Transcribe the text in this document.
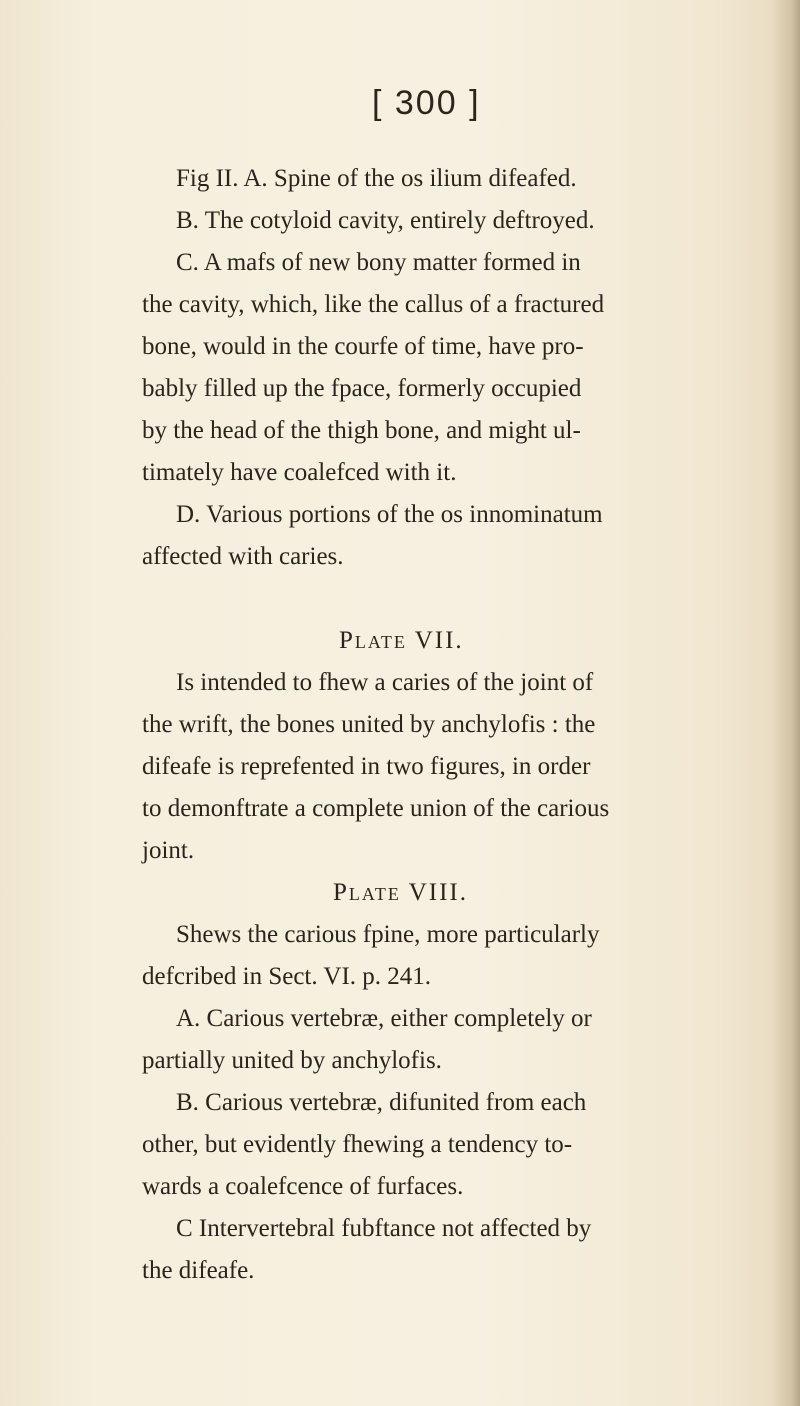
[ 300 ]
Fig II. A. Spine of the os ilium difeafed.
B. The cotyloid cavity, entirely deftroyed.
C. A mafs of new bony matter formed in
the cavity, which, like the callus of a fractured
bone, would in the courfe of time, have pro-
bably filled up the fpace, formerly occupied
by the head of the thigh bone, and might ul-
timately have coalefced with it.
D. Various portions of the os innominatum
affected with caries.
Plate VII.
Is intended to fhew a caries of the joint of
the wrift, the bones united by anchylofis : the
difeafe is reprefented in two figures, in order
to demonftrate a complete union of the carious
joint.
Plate VIII.
Shews the carious fpine, more particularly
defcribed in Sect. VI. p. 241.
A. Carious vertebræ, either completely or
partially united by anchylofis.
B. Carious vertebræ, difunited from each
other, but evidently fhewing a tendency to-
wards a coalefcence of furfaces.
C Intervertebral fubftance not affected by
the difeafe.
